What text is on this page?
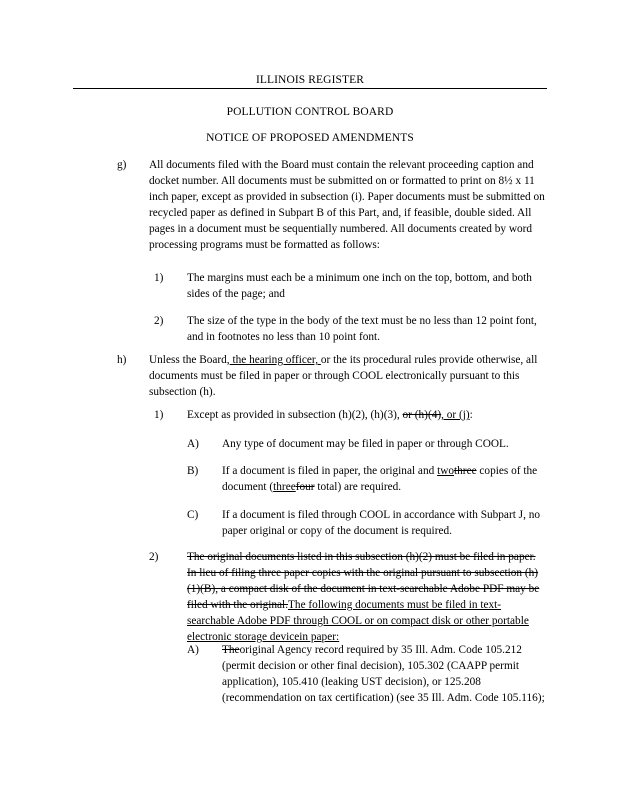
ILLINOIS REGISTER
POLLUTION CONTROL BOARD
NOTICE OF PROPOSED AMENDMENTS
g) All documents filed with the Board must contain the relevant proceeding caption and docket number. All documents must be submitted on or formatted to print on 8½ x 11 inch paper, except as provided in subsection (i). Paper documents must be submitted on recycled paper as defined in Subpart B of this Part, and, if feasible, double sided. All pages in a document must be sequentially numbered. All documents created by word processing programs must be formatted as follows:
1) The margins must each be a minimum one inch on the top, bottom, and both sides of the page; and
2) The size of the type in the body of the text must be no less than 12 point font, and in footnotes no less than 10 point font.
h) Unless the Board, the hearing officer, or the its procedural rules provide otherwise, all documents must be filed in paper or through COOL electronically pursuant to this subsection (h).
1) Except as provided in subsection (h)(2), (h)(3), or (h)(4), or (j):
A) Any type of document may be filed in paper or through COOL.
B) If a document is filed in paper, the original and twothree copies of the document (threefour total) are required.
C) If a document is filed through COOL in accordance with Subpart J, no paper original or copy of the document is required.
2)	The original documents listed in this subsection (h)(2) must be filed in paper. In lieu of filing three paper copies with the original pursuant to subsection (h)(1)(B), a compact disk of the document in text-searchable Adobe PDF may be filed with the original.The following documents must be filed in text-searchable Adobe PDF through COOL or on compact disk or other portable electronic storage devicein paper:
A) Theoriginal Agency record required by 35 Ill. Adm. Code 105.212 (permit decision or other final decision), 105.302 (CAAPP permit application), 105.410 (leaking UST decision), or 125.208 (recommendation on tax certification) (see 35 Ill. Adm. Code 105.116);
